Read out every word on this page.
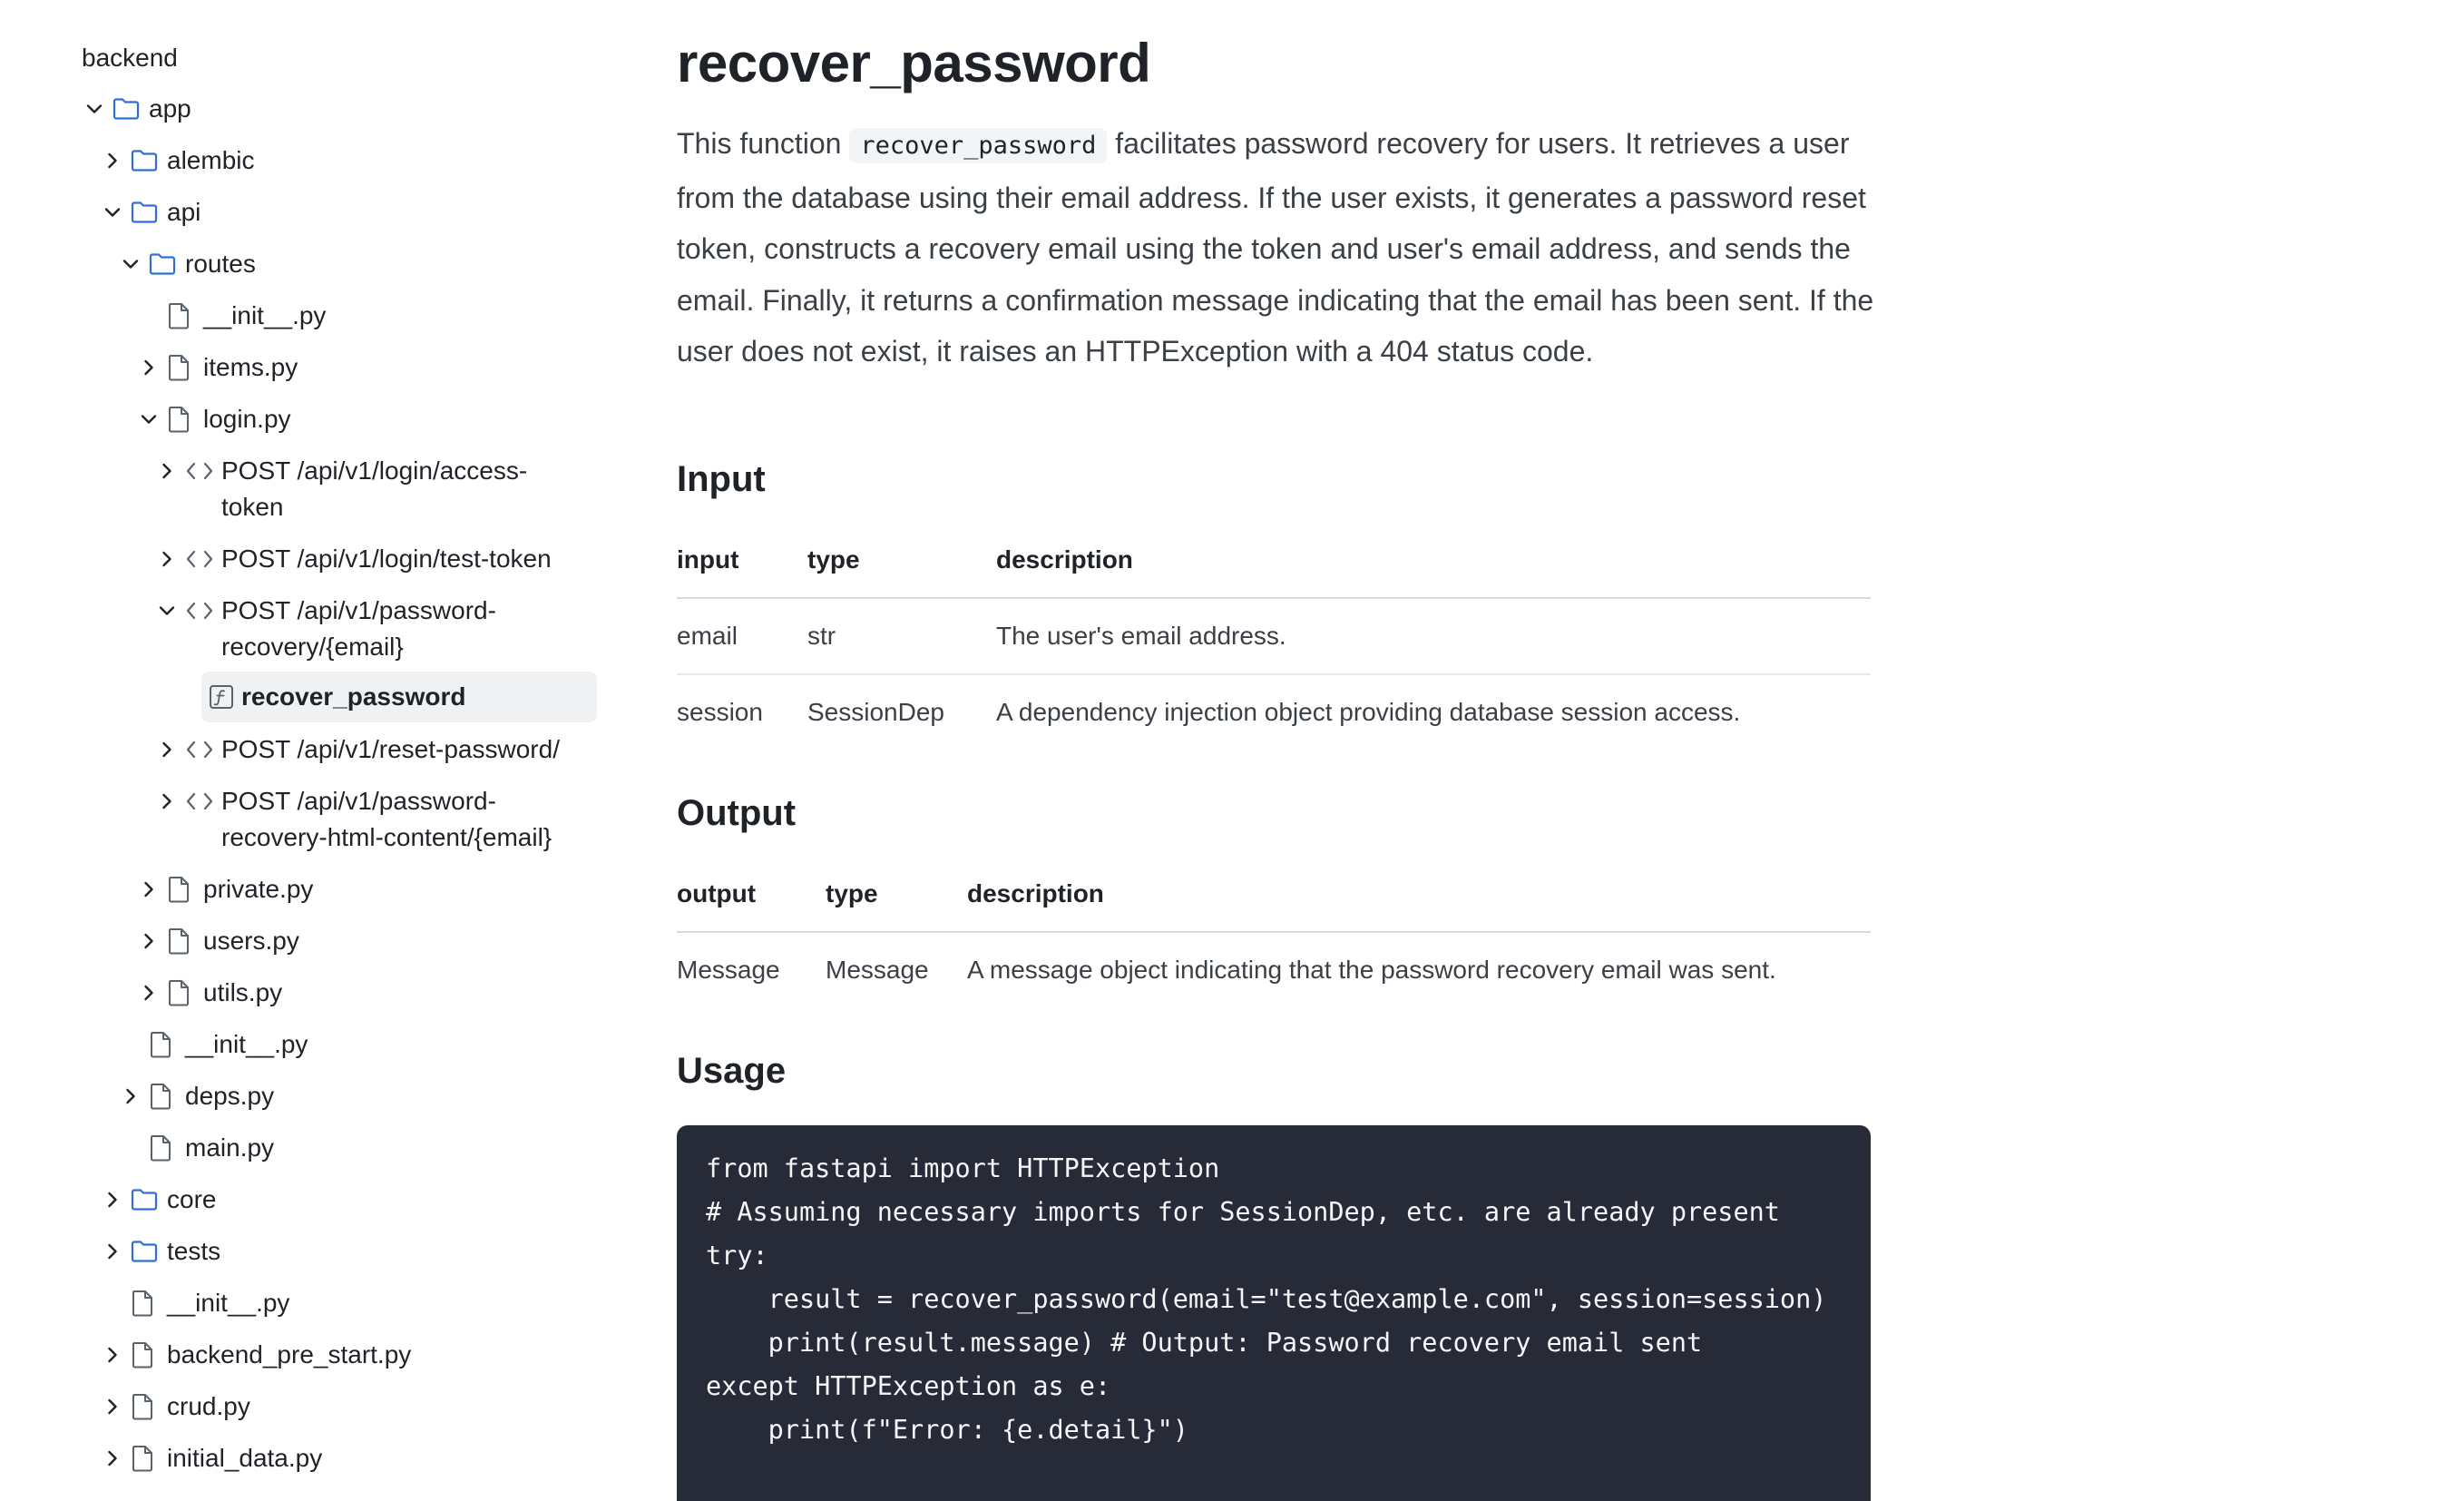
backend
app
alembic
api
routes
__init__.py
items.py
login.py
POST /api/v1/login/access-token
POST /api/v1/login/test-token
POST /api/v1/password-recovery/{email}
recover_password
POST /api/v1/reset-password/
POST /api/v1/password-recovery-html-content/{email}
private.py
users.py
utils.py
__init__.py
deps.py
main.py
core
tests
__init__.py
backend_pre_start.py
crud.py
initial_data.py
recover_password

This function recover_password facilitates password recovery for users. It retrieves a user from the database using their email address. If the user exists, it generates a password reset token, constructs a recovery email using the token and user's email address, and sends the email. Finally, it returns a confirmation message indicating that the email has been sent. If the user does not exist, it raises an HTTPException with a 404 status code.

Input
input	type	description
email	str	The user's email address.
session	SessionDep	A dependency injection object providing database session access.
Output
output	type	description
Message	Message	A message object indicating that the password recovery email was sent.
Usage
from fastapi import HTTPException
# Assuming necessary imports for SessionDep, etc. are already present
try:
result = recover_password(email="test@example.com", session=session)
print(result.message) # Output: Password recovery email sent
except HTTPException as e:
print(f"Error: {e.detail}")
